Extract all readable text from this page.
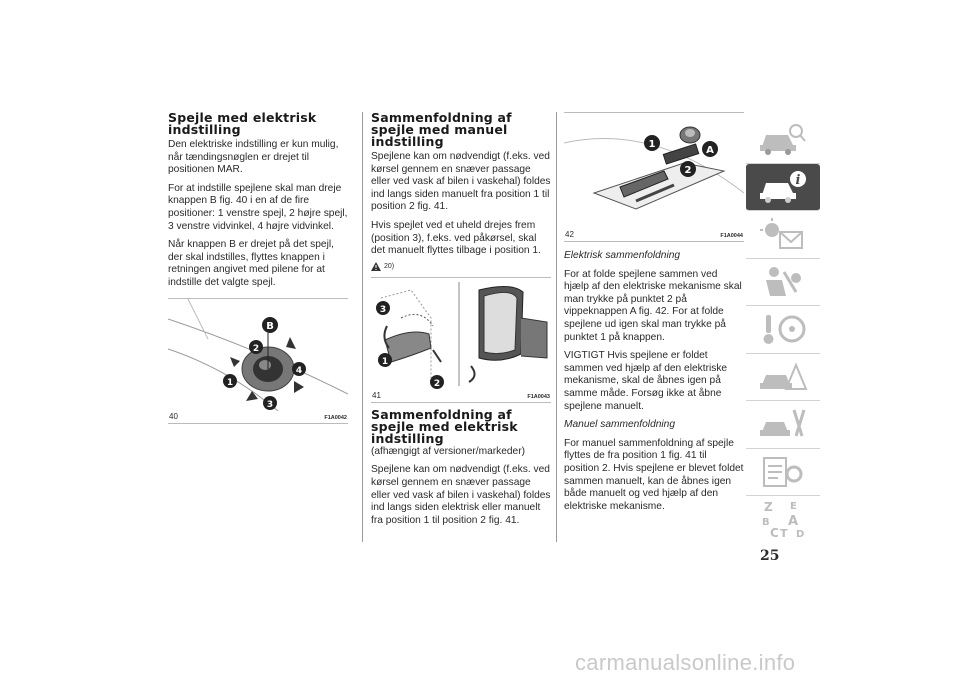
Spejle med elektrisk indstilling

Den elektriske indstilling er kun mulig, når tændingsnøglen er drejet til positionen MAR.

For at indstille spejlene skal man dreje knappen B fig. 40 i en af de fire positioner: 1 venstre spejl, 2 højre spejl, 3 venstre vidvinkel, 4 højre vidvinkel.

Når knappen B er drejet på det spejl, der skal indstilles, flyttes knappen i retningen angivet med pilene for at indstille det valgte spejl.

B
2
4
1
3
40	F1A0042
Sammenfoldning af spejle med manuel indstilling

Spejlene kan om nødvendigt (f.eks. ved kørsel gennem en snæver passage eller ved vask af bilen i vaskehal) foldes ind langs siden manuelt fra position 1 til position 2 fig. 41.

Hvis spejlet ved et uheld drejes frem (position 3), f.eks. ved påkørsel, skal det manuelt flyttes tilbage i position 1.

20)
3
1
2
41	F1A0043
Sammenfoldning af spejle med elektrisk indstilling

(afhængigt af versioner/markeder)

Spejlene kan om nødvendigt (f.eks. ved kørsel gennem en snæver passage eller ved vask af bilen i vaskehal) foldes ind langs siden elektrisk eller manuelt fra position 1 til position 2 fig. 41.

1
A
2
42	F1A0044

Elektrisk sammenfoldning

For at folde spejlene sammen ved hjælp af den elektriske mekanisme skal man trykke på punktet 2 på vippeknappen A fig. 42. For at folde spejlene ud igen skal man trykke på punktet 1 på knappen.

VIGTIGT Hvis spejlene er foldet sammen ved hjælp af den elektriske mekanisme, skal de åbnes igen på samme måde. Forsøg ikke at åbne spejlene manuelt.

Manuel sammenfoldning

For manuel sammenfoldning af spejle flyttes de fra position 1 fig. 41 til position 2. Hvis spejlene er blevet foldet sammen manuelt, kan de åbnes igen både manuelt og ved hjælp af den elektriske mekanisme.

i
Z E
B A
C T D
25
carmanualsonline.info
